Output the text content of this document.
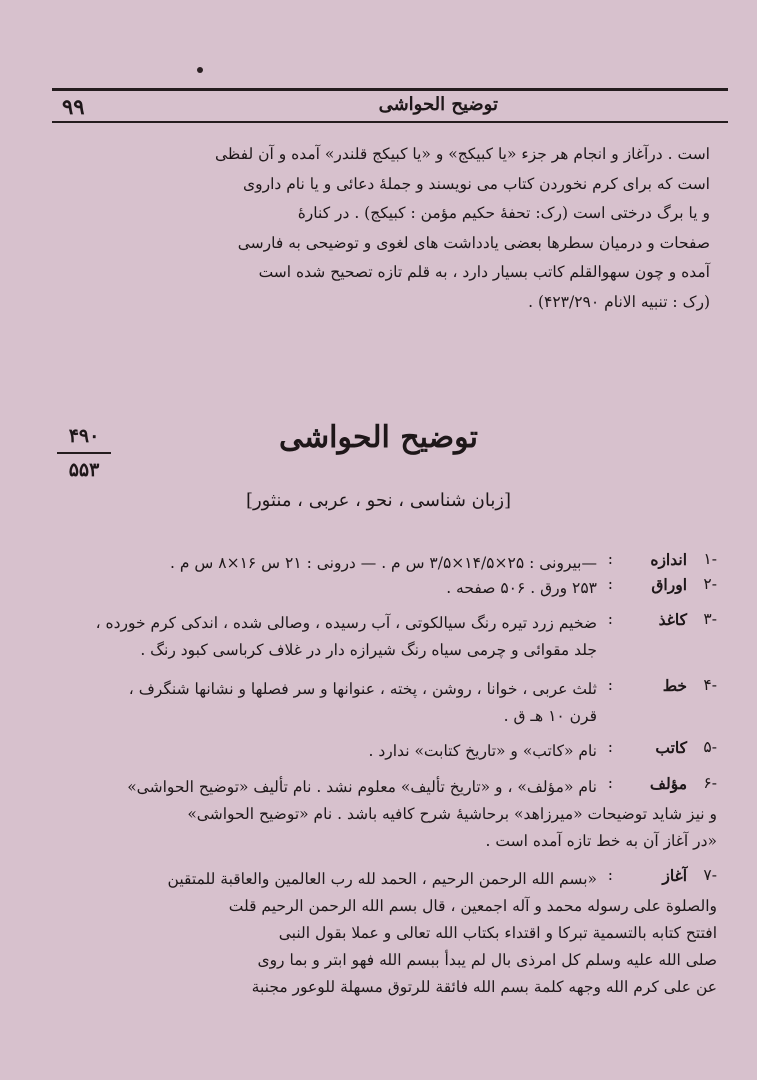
توضیح الحواشی
۹۹
است . درآغاز و انجام هر جزء «یا کبیکج» و «یا کبیکج قلندر» آمده و آن لفظی
است که برای کرم نخوردن کتاب می نویسند و جملهٔ دعائی و یا نام داروی
و یا برگ درختی است (رک: تحفهٔ حکیم مؤمن : کبیکج) . در کنارهٔ
صفحات و درمیان سطرها بعضی یادداشت های لغوی و توضیحی به فارسی
آمده و چون سهوالقلم کاتب بسیار دارد ، به قلم تازه تصحیح شده است
(رک : تنبیه الانام ۴۲۳/۲۹۰) .
۴۹۰
۵۵۳
توضیح الحواشی
[زبان شناسی ، نحو ، عربی ، منثور]
-۱
اندازه
:
—بیرونی : ۲۵×۱۴/۵×۳/۵ س م . — درونی : ۲۱ س ۱۶×۸ س م .
-۲
اوراق
:
۲۵۳ ورق . ۵۰۶ صفحه .
-۳
کاغذ
:
ضخیم زرد تیره رنگ سیالکوتی ، آب رسیده ، وصالی شده ، اندکی کرم خورده ،
جلد مقوائی و چرمی سیاه رنگ شیرازه دار در غلاف کرباسی کبود رنگ .
-۴
خط
:
ثلث عربی ، خوانا ، روشن ، پخته ، عنوانها و سر فصلها و نشانها شنگرف ،
قرن ۱۰ هـ ق .
-۵
کاتب
:
نام «کاتب» و «تاریخ کتابت» ندارد .
-۶
مؤلف
:
نام «مؤلف» ، و «تاریخ تألیف» معلوم نشد . نام تألیف «توضیح الحواشی»
و نیز شاید توضیحات «میرزاهد» برحاشیهٔ شرح کافیه باشد . نام «توضیح الحواشی»
«در آغاز آن به خط تازه آمده است .
-۷
آغاز
:
«بسم الله الرحمن الرحیم ، الحمد لله رب العالمین والعاقبة للمتقین
والصلوة علی رسوله محمد و آله اجمعین ، قال بسم الله الرحمن الرحیم قلت
افتتح کتابه بالتسمیة تبرکا و اقتداء بکتاب الله تعالی و عملا بقول النبی
صلی الله علیه وسلم کل امرذی بال لم یبدأ ببسم الله فهو ابتر و بما روی
عن علی کرم الله وجهه کلمة بسم الله فائقة للرتوق مسهلة للوعور مجنبة
